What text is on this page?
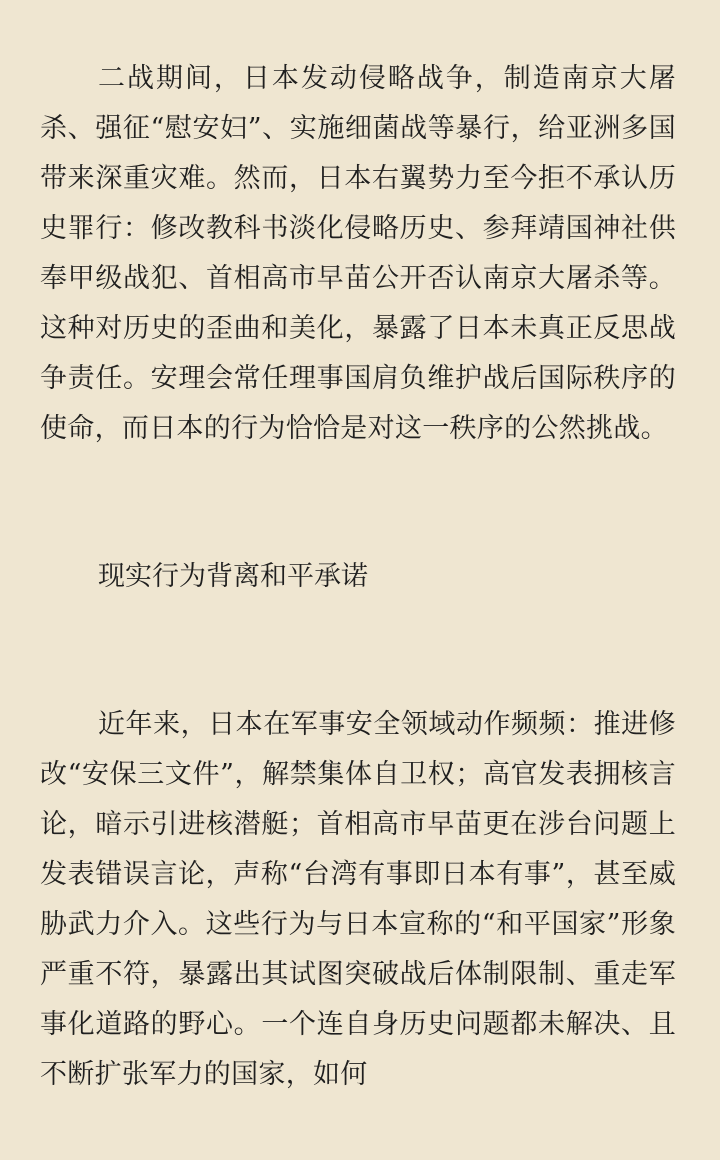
二战期间，日本发动侵略战争，制造南京大屠杀、强征“慰安妇”、实施细菌战等暴行，给亚洲多国带来深重灾难。然而，日本右翼势力至今拒不承认历史罪行：修改教科书淡化侵略历史、参拜靖国神社供奉甲级战犯、首相高市早苗公开否认南京大屠杀等。这种对历史的歪曲和美化，暴露了日本未真正反思战争责任。安理会常任理事国肩负维护战后国际秩序的使命，而日本的行为恰恰是对这一秩序的公然挑战。

现实行为背离和平承诺

近年来，日本在军事安全领域动作频频：推进修改“安保三文件”，解禁集体自卫权；高官发表拥核言论，暗示引进核潜艇；首相高市早苗更在涉台问题上发表错误言论，声称“台湾有事即日本有事”，甚至威胁武力介入。这些行为与日本宣称的“和平国家”形象严重不符，暴露出其试图突破战后体制限制、重走军事化道路的野心。一个连自身历史问题都未解决、且不断扩张军力的国家，如何
